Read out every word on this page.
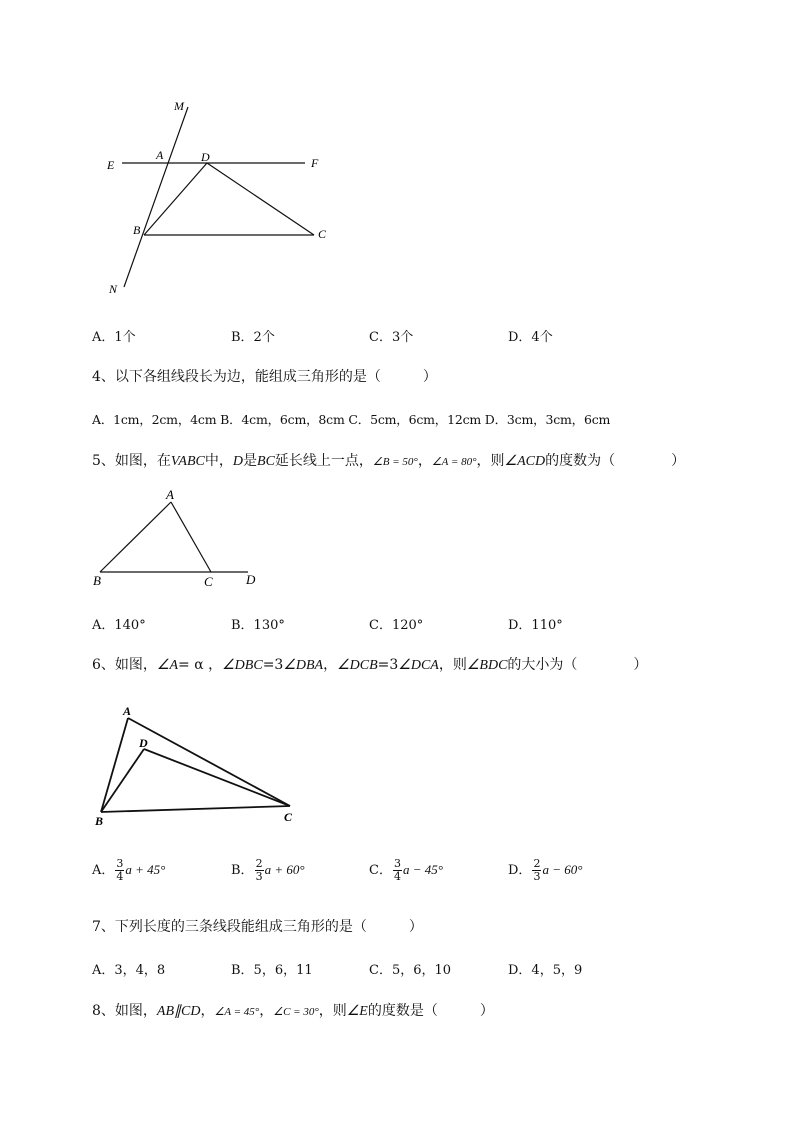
M
A	D
E	F
B	C
N
A．1个	B．2个	C．3个	D．4个
4、以下各组线段长为边，能组成三角形的是（　　　）
A．1cm，2cm，4cm B．4cm，6cm，8cm C．5cm，6cm，12cm D．3cm，3cm，6cm
5、如图，在VABC中，D是BC延长线上一点，∠B = 50°，∠A = 80°，则∠ACD的度数为（　　　　）
A
B	C	D
A．140°	B．130°	C．120°	D．110°
6、如图，∠A= α ，∠DBC=3∠DBA，∠DCB=3∠DCA，则∠BDC的大小为（　　　　）
A
D
B	C
A． $\frac{3}{4}$ a + 45°	B． $\frac{2}{3}$ a + 60°	C． $\frac{3}{4}$ a − 45°	D． $\frac{2}{3}$ a − 60°
7、下列长度的三条线段能组成三角形的是（　　　）
A．3，4，8	B．5，6，11	C．5，6，10	D．4，5，9
8、如图，AB∥CD，∠A = 45°，∠C = 30°，则∠E的度数是（　　　）
